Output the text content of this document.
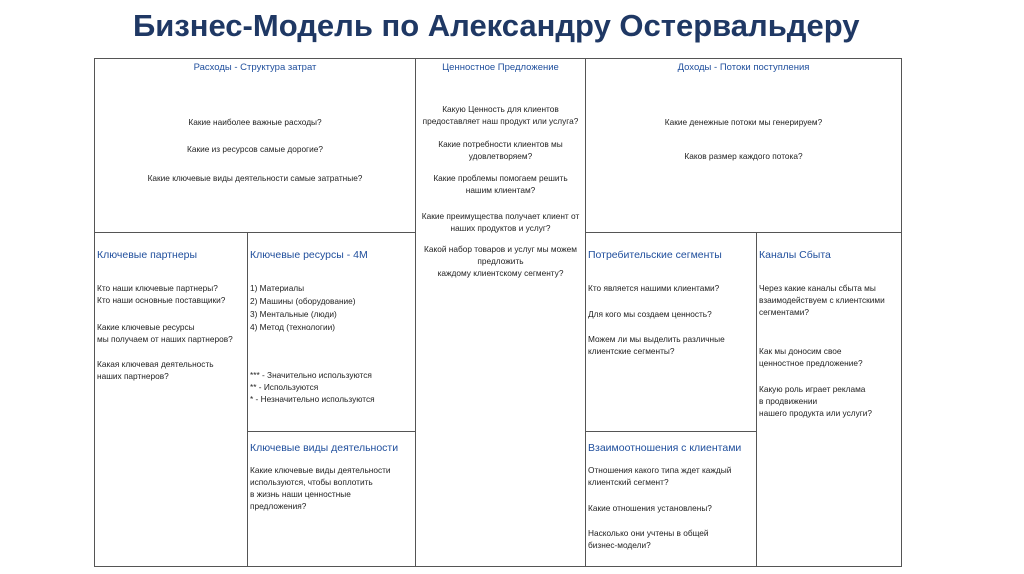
Бизнес-Модель по Александру Остервальдеру
Расходы - Структура затрат
Какие наиболее важные расходы?
Какие из ресурсов самые дорогие?
Какие ключевые виды деятельности самые затратные?
Ценностное Предложение
Какую Ценность для клиентов
предоставляет наш продукт или услуга?
Какие потребности клиентов мы
удовлетворяем?
Какие проблемы помогаем решить
нашим клиентам?
Какие преимущества получает клиент от
наших продуктов и услуг?
Какой набор товаров и услуг мы можем
предложить
каждому клиентскому сегменту?
Доходы - Потоки поступления
Какие денежные потоки мы генерируем?
Каков размер каждого потока?
Ключевые партнеры
Кто наши ключевые партнеры?
Кто наши основные поставщики?
Какие ключевые ресурсы
мы получаем от наших партнеров?
Какая ключевая деятельность
наших партнеров?
Ключевые ресурсы - 4М
1) Материалы
2) Машины (оборудование)
3) Ментальные (люди)
4) Метод (технологии)
*** - Значительно используются
** - Используются
* - Незначительно используются
Ключевые виды деятельности
Какие ключевые виды деятельности
используются, чтобы воплотить
в жизнь наши ценностные
предложения?
Потребительские сегменты
Кто является нашими клиентами?
Для кого мы создаем ценность?
Можем ли мы выделить различные
клиентские сегменты?
Взаимоотношения с клиентами
Отношения какого типа ждет каждый
клиентский сегмент?
Какие отношения установлены?
Насколько они учтены в общей
бизнес-модели?
Каналы Сбыта
Через какие каналы сбыта мы
взаимодействуем с клиентскими
сегментами?
Как мы доносим свое
ценностное предложение?
Какую роль играет реклама
в продвижении
нашего продукта или услуги?
